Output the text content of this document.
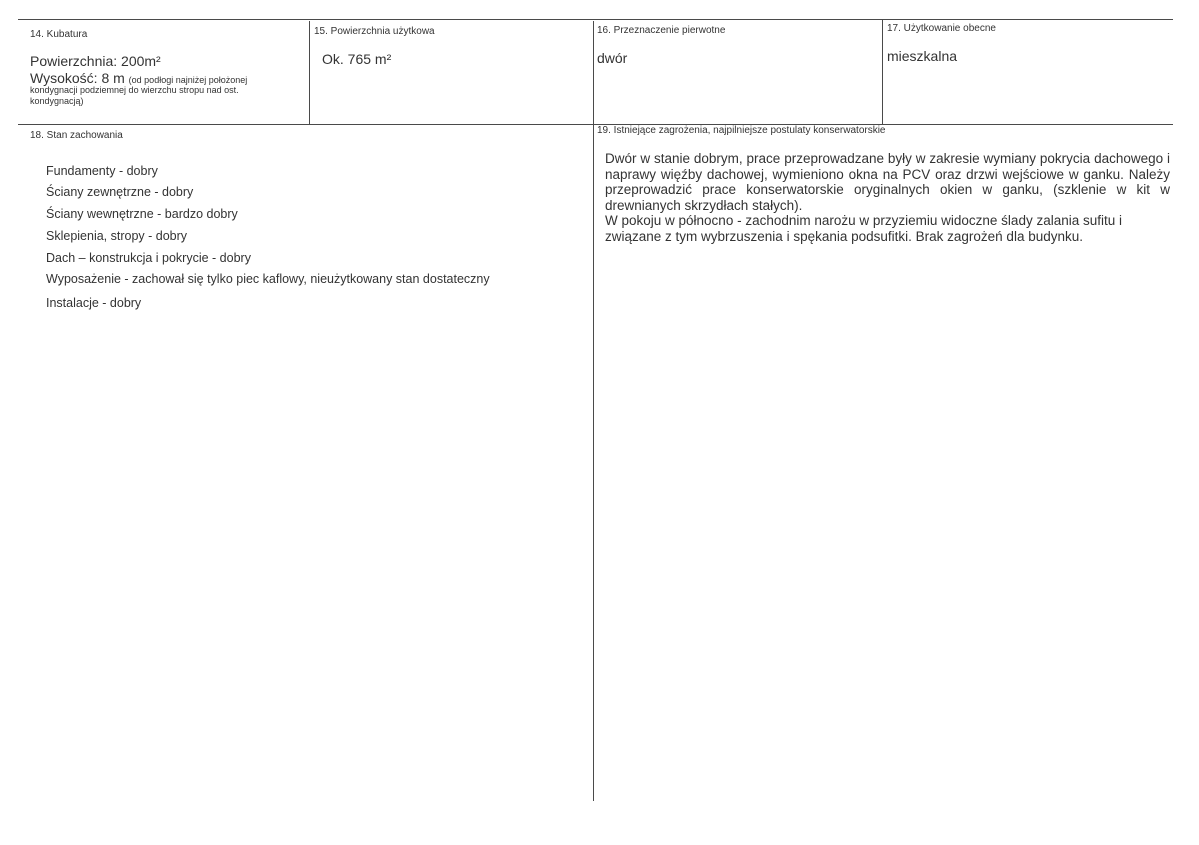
14. Kubatura
Powierzchnia: 200m²
Wysokość: 8 m (od podłogi najniżej położonej
kondygnacji podziemnej do wierzchu stropu nad ost.
kondygnacją)
15. Powierzchnia użytkowa
Ok. 765 m²
16. Przeznaczenie pierwotne
dwór
17. Użytkowanie obecne
mieszkalna
18. Stan zachowania
Fundamenty - dobry
Ściany zewnętrzne - dobry
Ściany wewnętrzne - bardzo dobry
Sklepienia, stropy - dobry
Dach – konstrukcja i pokrycie - dobry
Wyposażenie - zachował się tylko piec kaflowy, nieużytkowany stan dostateczny
Instalacje - dobry
19. Istniejące zagrożenia, najpilniejsze postulaty konserwatorskie

Dwór w stanie dobrym, prace przeprowadzane były w zakresie wymiany pokrycia dachowego i naprawy więźby dachowej, wymieniono okna na PCV oraz drzwi wejściowe w ganku. Należy przeprowadzić prace konserwatorskie oryginalnych okien w ganku, (szklenie w kit w drewnianych skrzydłach stałych).

W pokoju w północno - zachodnim narożu w przyziemiu widoczne ślady zalania sufitu i związane z tym wybrzuszenia i spękania podsufitki. Brak zagrożeń dla budynku.
